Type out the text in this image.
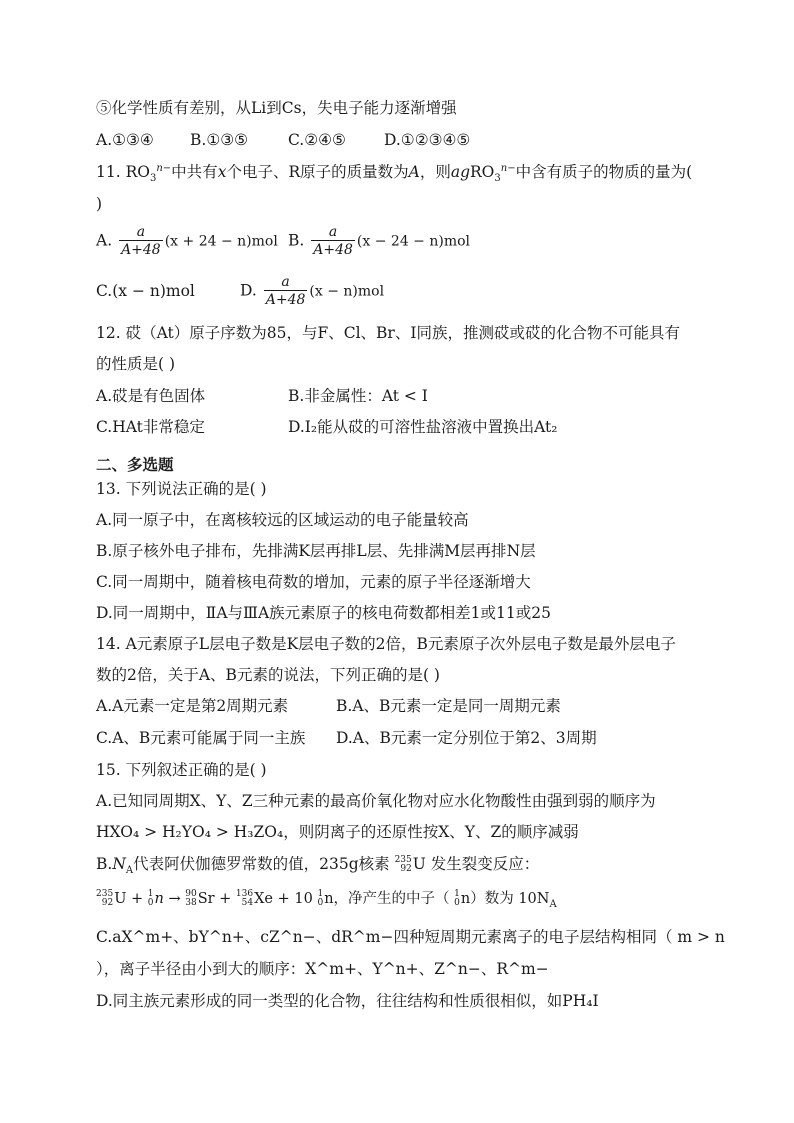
⑤化学性质有差别，从Li到Cs，失电子能力逐渐增强
A.①③④ B.①③⑤	C.②④⑤ D.①②③④⑤
11. $RO_3^{n-}$中共有x个电子、R原子的质量数为A，则agRO$_3^{n-}$中含有质子的物质的量为(
)
A. $\frac{a}{A+48} (x + 24 - n)mol$ B. $\frac{a}{A+48} (x - 24 - n)mol$
C.(x − n)mol	D. $\frac{a}{A+48} (x - n)mol$
12. 砹（At）原子序数为85，与F、Cl、Br、I同族，推测砹或砹的化合物不可能具有
的性质是( )
A.砹是有色固体	B.非金属性：At < I
C.HAt非常稳定	D.I₂能从砹的可溶性盐溶液中置换出At₂
二、多选题
13. 下列说法正确的是( )
A.同一原子中，在离核较远的区域运动的电子能量较高
B.原子核外电子排布，先排满K层再排L层、先排满M层再排N层
C.同一周期中，随着核电荷数的增加，元素的原子半径逐渐增大
D.同一周期中，ⅡA与ⅢA族元素原子的核电荷数都相差1或11或25
14. A元素原子L层电子数是K层电子数的2倍，B元素原子次外层电子数是最外层电子
数的2倍，关于A、B元素的说法，下列正确的是( )
A.A元素一定是第2周期元素	B.A、B元素一定是同一周期元素
C.A、B元素可能属于同一主族 D.A、B元素一定分别位于第2、3周期
15. 下列叙述正确的是( )
A.已知同周期X、Y、Z三种元素的最高价氧化物对应水化物酸性由强到弱的顺序为
HXO₄ > H₂YO₄ > H₃ZO₄，则阴离子的还原性按X、Y、Z的顺序减弱
$B.N_A$代表阿伏伽德罗常数的值，235g核素 235
92 U 发生裂变反应：
235
92 U + 1
0 n → 90
38 Sr + 136
54 Xe + 10 1
0 n，净产生的中子（ 1
0 n）数为 $10N_A$
C.aX^m+、bY^n+、cZ^n−、dR^m−四种短周期元素离子的电子层结构相同（ m > n
），离子半径由小到大的顺序：X^m+、Y^n+、Z^n−、R^m−
D.同主族元素形成的同一类型的化合物，往往结构和性质很相似，如PH₄I
